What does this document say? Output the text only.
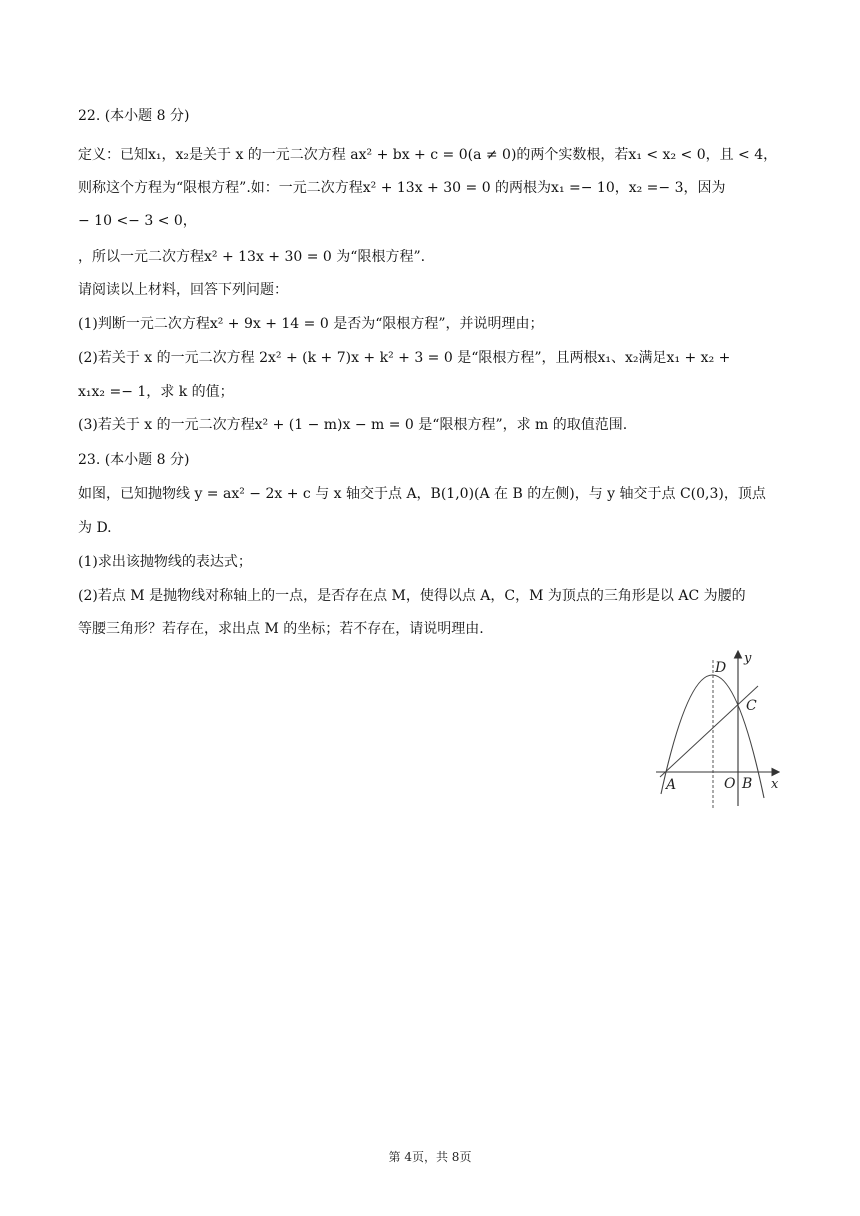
22. (本小题 8 分)
定义：已知x₁，x₂是关于 x 的一元二次方程 ax² + bx + c = 0(a ≠ 0)的两个实数根，若x₁ < x₂ < 0，且 < 4，
则称这个方程为“限根方程”.如：一元二次方程x² + 13x + 30 = 0 的两根为x₁ =− 10，x₂ =− 3，因为
− 10 <− 3 < 0，
，所以一元二次方程x² + 13x + 30 = 0 为“限根方程”.
请阅读以上材料，回答下列问题：
(1)判断一元二次方程x² + 9x + 14 = 0 是否为“限根方程”，并说明理由；
(2)若关于 x 的一元二次方程 2x² + (k + 7)x + k² + 3 = 0 是“限根方程”，且两根x₁、x₂满足x₁ + x₂ +
x₁x₂ =− 1，求 k 的值；
(3)若关于 x 的一元二次方程x² + (1 − m)x − m = 0 是“限根方程”，求 m 的取值范围.
23. (本小题 8 分)
如图，已知抛物线 y = ax² − 2x + c 与 x 轴交于点 A，B(1,0)(A 在 B 的左侧)，与 y 轴交于点 C(0,3)，顶点
为 D.
(1)求出该抛物线的表达式；
(2)若点 M 是抛物线对称轴上的一点，是否存在点 M，使得以点 A，C，M 为顶点的三角形是以 AC 为腰的
等腰三角形？若存在，求出点 M 的坐标；若不存在，请说明理由.
D
y
C
A	O B x
第 4页，共 8页
